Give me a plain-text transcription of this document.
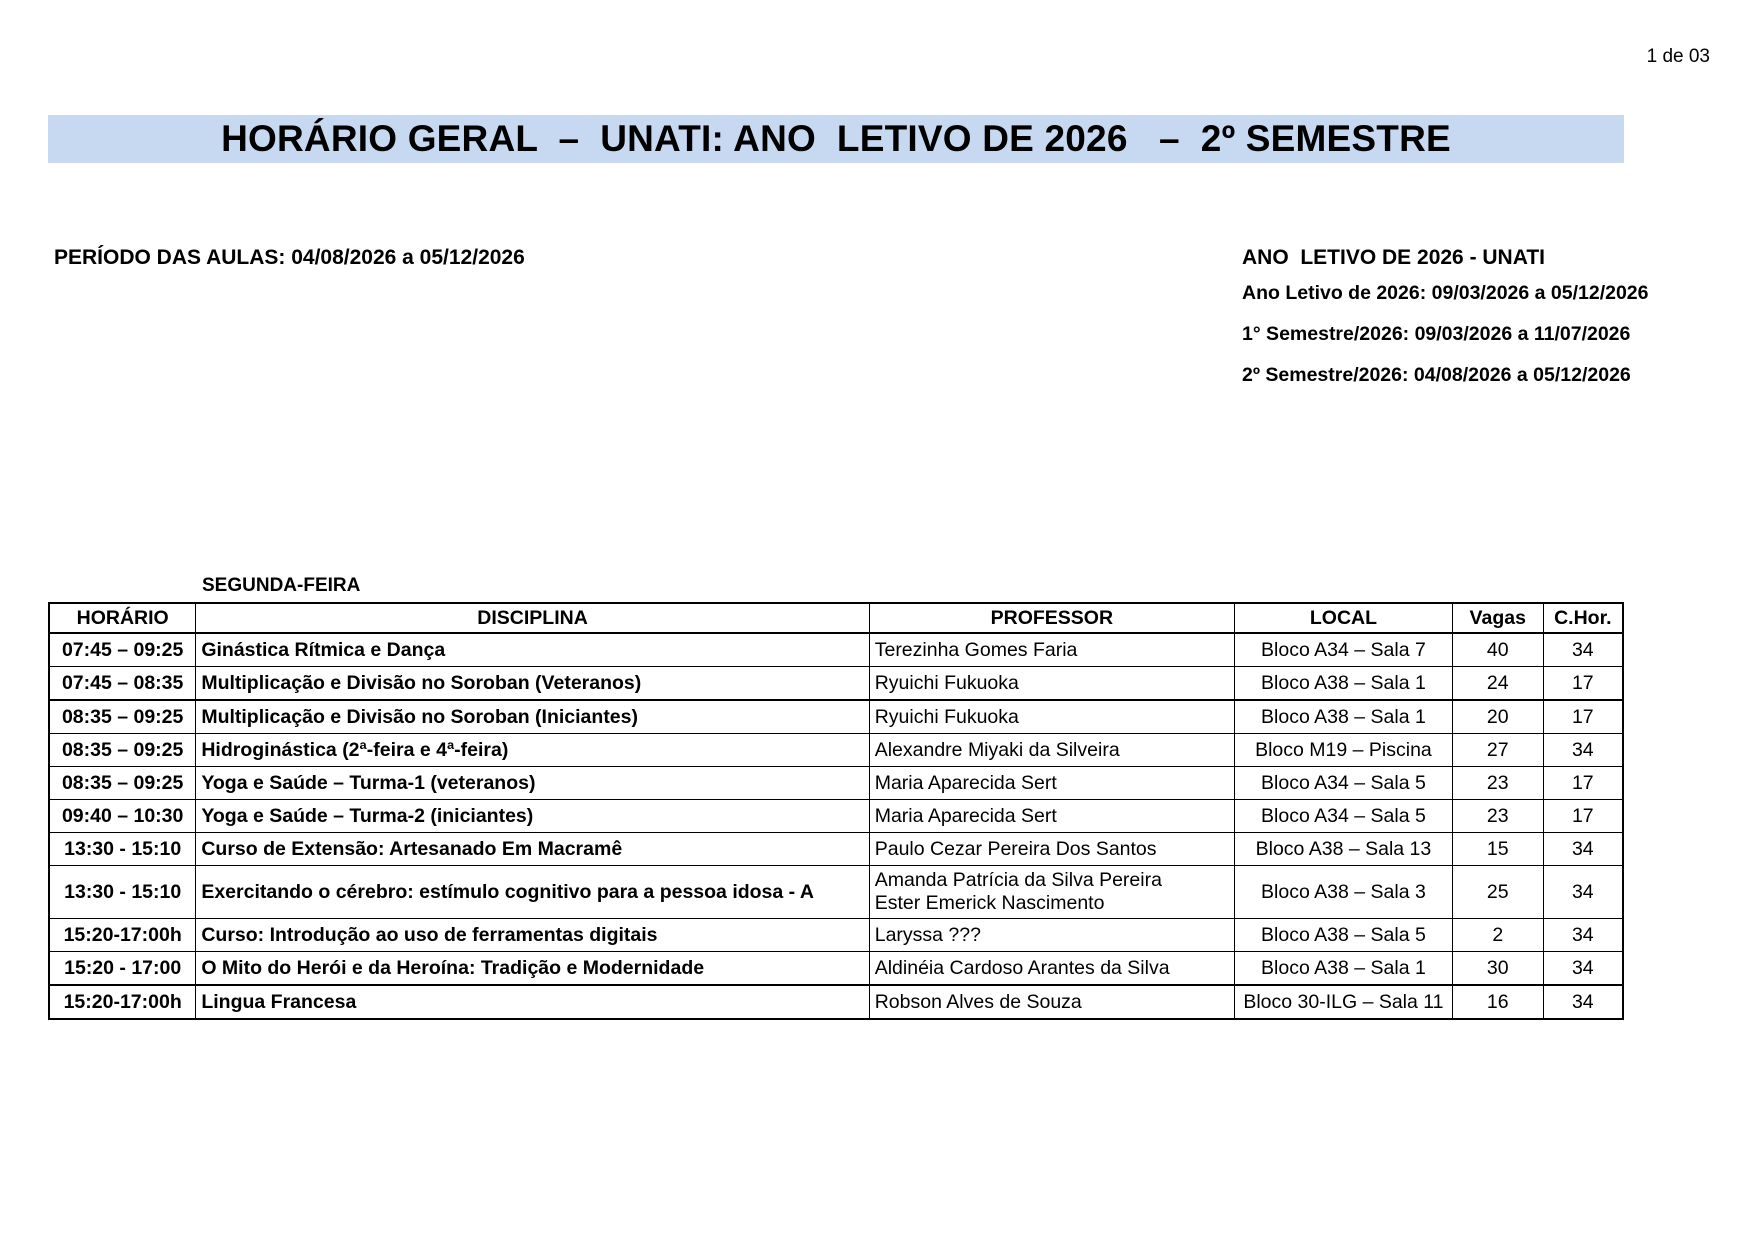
1 de 03
HORÁRIO GERAL  –  UNATI: ANO  LETIVO DE 2026   –  2º SEMESTRE
PERÍODO DAS AULAS: 04/08/2026 a 05/12/2026	ANO  LETIVO DE 2026 - UNATI
Ano Letivo de 2026: 09/03/2026 a 05/12/2026
1° Semestre/2026: 09/03/2026 a 11/07/2026
2º Semestre/2026: 04/08/2026 a 05/12/2026
SEGUNDA-FEIRA
HORÁRIO	DISCIPLINA	PROFESSOR	LOCAL	Vagas	C.Hor.
07:45 – 09:25	Ginástica Rítmica e Dança	Terezinha Gomes Faria	Bloco A34 – Sala 7	40	34
07:45 – 08:35	Multiplicação e Divisão no Soroban (Veteranos)	Ryuichi Fukuoka	Bloco A38 – Sala 1	24	17
08:35 – 09:25	Multiplicação e Divisão no Soroban (Iniciantes)	Ryuichi Fukuoka	Bloco A38 – Sala 1	20	17
08:35 – 09:25	Hidroginástica (2ª-feira e 4ª-feira)	Alexandre Miyaki da Silveira	Bloco M19 – Piscina	27	34
08:35 – 09:25	Yoga e Saúde – Turma-1 (veteranos)	Maria Aparecida Sert	Bloco A34 – Sala 5	23	17
09:40 – 10:30	Yoga e Saúde – Turma-2 (iniciantes)	Maria Aparecida Sert	Bloco A34 – Sala 5	23	17
13:30 - 15:10	Curso de Extensão: Artesanado Em Macramê	Paulo Cezar Pereira Dos Santos	Bloco A38 – Sala 13	15	34
13:30 - 15:10	Exercitando o cérebro: estímulo cognitivo para a pessoa idosa - A	Amanda Patrícia da Silva Pereira
Ester Emerick Nascimento	Bloco A38 – Sala 3	25	34
15:20-17:00h	Curso: Introdução ao uso de ferramentas digitais	Laryssa ???	Bloco A38 – Sala 5	2	34
15:20 - 17:00	O Mito do Herói e da Heroína: Tradição e Modernidade	Aldinéia Cardoso Arantes da Silva	Bloco A38 – Sala 1	30	34
15:20-17:00h	Lingua Francesa	Robson Alves de Souza	Bloco 30-ILG – Sala 11	16	34
